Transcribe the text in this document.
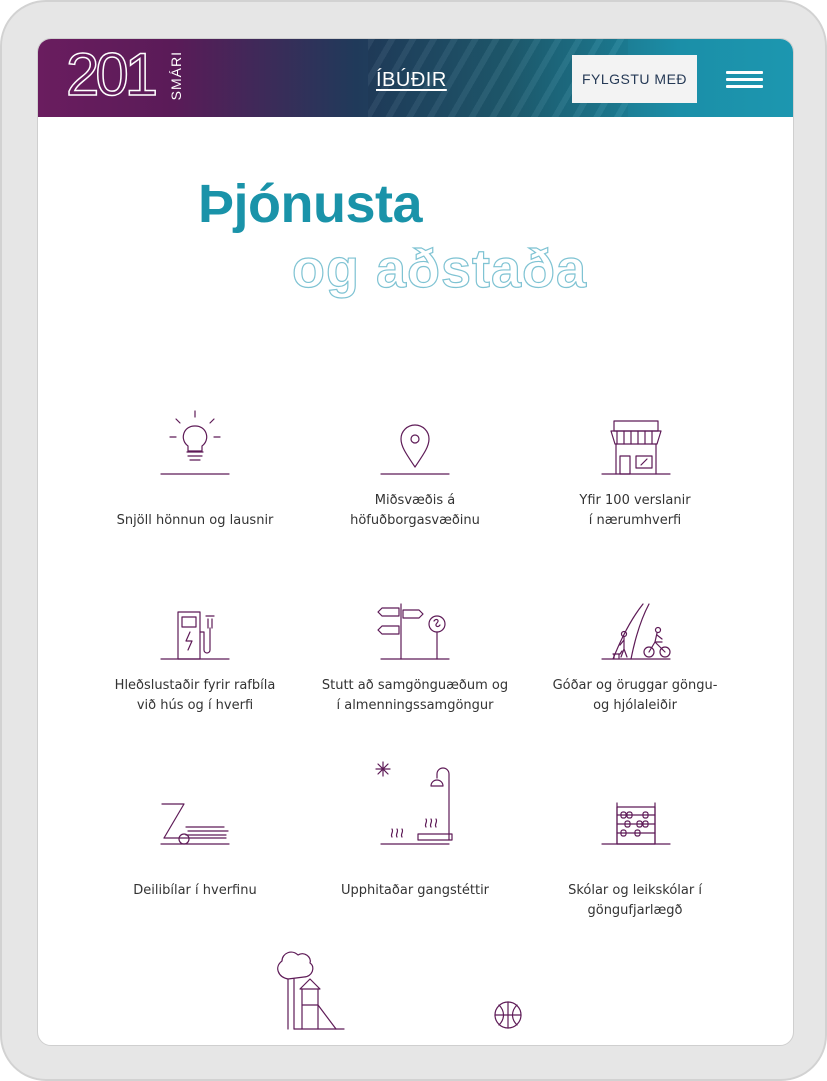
201 SMÁRI	ÍBÚÐIR	FYLGSTU MEÐ
Þjónusta
og aðstaða
Snjöll hönnun og lausnir
Miðsvæðis á
höfuðborgasvæðinu
Yfir 100 verslanir
í nærumhverfi
Hleðslustaðir fyrir rafbíla
við hús og í hverfi
Stutt að samgönguæðum og
í almenningssamgöngur
Góðar og öruggar göngu-
og hjólaleiðir
Deilibílar í hverfinu	Upphitaðar gangstéttir	Skólar og leikskólar í göngufjarlægð
